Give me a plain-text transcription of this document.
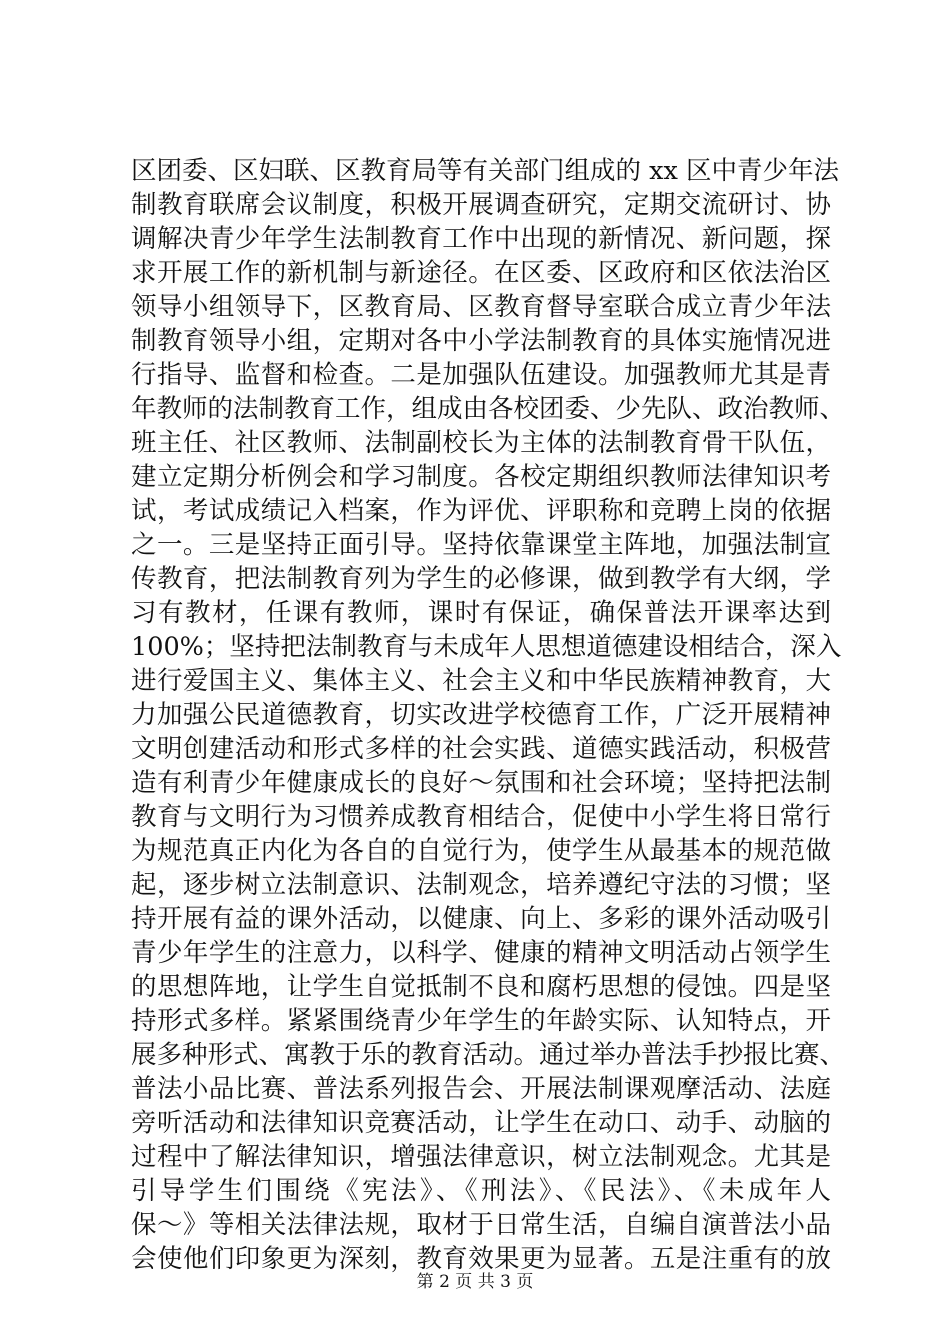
区团委、区妇联、区教育局等有关部门组成的 xx 区中青少年法
制教育联席会议制度，积极开展调查研究，定期交流研讨、协
调解决青少年学生法制教育工作中出现的新情况、新问题，探
求开展工作的新机制与新途径。在区委、区政府和区依法治区
领导小组领导下，区教育局、区教育督导室联合成立青少年法
制教育领导小组，定期对各中小学法制教育的具体实施情况进
行指导、监督和检查。二是加强队伍建设。加强教师尤其是青
年教师的法制教育工作，组成由各校团委、少先队、政治教师、
班主任、社区教师、法制副校长为主体的法制教育骨干队伍，
建立定期分析例会和学习制度。各校定期组织教师法律知识考
试，考试成绩记入档案，作为评优、评职称和竞聘上岗的依据
之一。三是坚持正面引导。坚持依靠课堂主阵地，加强法制宣
传教育，把法制教育列为学生的必修课，做到教学有大纲，学
习有教材，任课有教师，课时有保证，确保普法开课率达到
100%；坚持把法制教育与未成年人思想道德建设相结合，深入
进行爱国主义、集体主义、社会主义和中华民族精神教育，大
力加强公民道德教育，切实改进学校德育工作，广泛开展精神
文明创建活动和形式多样的社会实践、道德实践活动，积极营
造有利青少年健康成长的良好～氛围和社会环境；坚持把法制
教育与文明行为习惯养成教育相结合，促使中小学生将日常行
为规范真正内化为各自的自觉行为，使学生从最基本的规范做
起，逐步树立法制意识、法制观念，培养遵纪守法的习惯；坚
持开展有益的课外活动，以健康、向上、多彩的课外活动吸引
青少年学生的注意力，以科学、健康的精神文明活动占领学生
的思想阵地，让学生自觉抵制不良和腐朽思想的侵蚀。四是坚
持形式多样。紧紧围绕青少年学生的年龄实际、认知特点，开
展多种形式、寓教于乐的教育活动。通过举办普法手抄报比赛、
普法小品比赛、普法系列报告会、开展法制课观摩活动、法庭
旁听活动和法律知识竞赛活动，让学生在动口、动手、动脑的
过程中了解法律知识，增强法律意识，树立法制观念。尤其是
引导学生们围绕《宪法》、《刑法》、《民法》、《未成年人
保～》等相关法律法规，取材于日常生活，自编自演普法小品
会使他们印象更为深刻，教育效果更为显著。五是注重有的放
第 2 页 共 3 页
